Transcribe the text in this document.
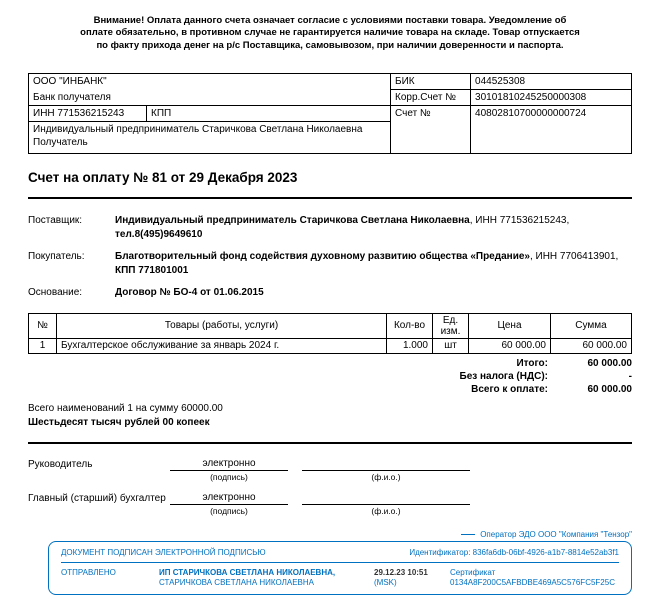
Внимание! Оплата данного счета означает согласие с условиями поставки товара. Уведомление об оплате обязательно, в противном случае не гарантируется наличие товара на складе. Товар отпускается по факту прихода денег на р/с Поставщика, самовывозом, при наличии доверенности и паспорта.
ООО "ИНБАНК"
Банк получателя		БИК	044525308
		Корр.Счет №	30101810245250000308
ИНН 771536215243	КПП	Счет №	40802810700000000724

Индивидуальный предприниматель Старичкова Светлана Николаевна
Получатель			
Счет на оплату № 81 от 29 Декабря 2023
Поставщик:	Индивидуальный предприниматель Старичкова Светлана Николаевна, ИНН 771536215243,
тел.8(495)9649610
Покупатель:	Благотворительный фонд содействия духовному развитию общества «Предание», ИНН 7706413901,
КПП 771801001
Основание:	Договор № БО-4 от 01.06.2015
№	Товары (работы, услуги)	Кол-во	Ед. изм.	Цена	Сумма
1	Бухгалтерское обслуживание за январь 2024 г.	1.000	шт	60 000.00	60 000.00
Итого:	60 000.00
Без налога (НДС):	-
Всего к оплате:	60 000.00
Всего наименований 1 на сумму 60000.00
Шестьдесят тысяч рублей 00 копеек
Руководитель	электронно
(подпись)	(ф.и.о.)
Главный (старший) бухгалтер	электронно
(подпись)	(ф.и.о.)
Оператор ЭДО ООО "Компания "Тензор"
ДОКУМЕНТ ПОДПИСАН ЭЛЕКТРОННОЙ ПОДПИСЬЮ	Идентификатор: 836fa6db-06bf-4926-a1b7-8814e52ab3f1
ОТПРАВЛЕНО	ИП СТАРИЧКОВА СВЕТЛАНА НИКОЛАЕВНА, СТАРИЧКОВА СВЕТЛАНА НИКОЛАЕВНА
29.12.23 10:51
(MSK)
Сертификат 0134A8F200C5AFBDBE469A5C576FC5F25C
